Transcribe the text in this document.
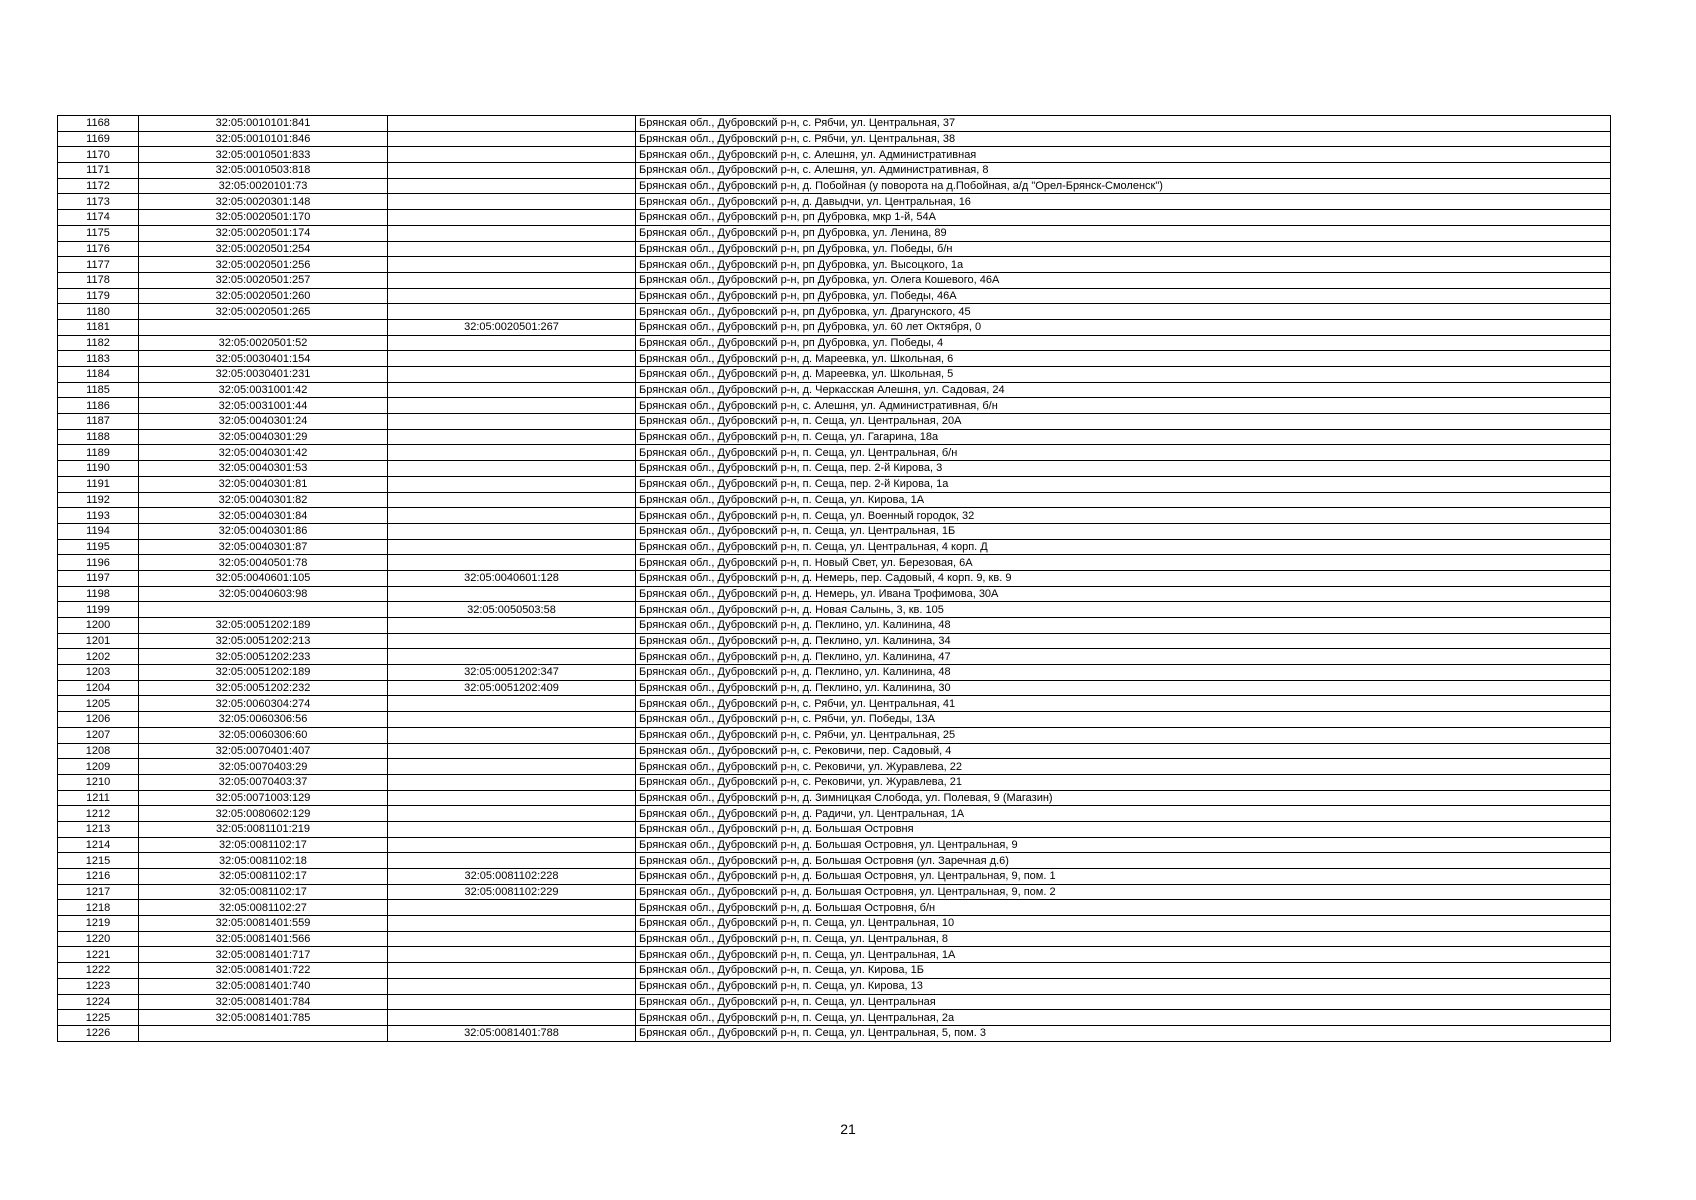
1168	32:05:0010101:841		Брянская обл., Дубровский р-н, с. Рябчи, ул. Центральная, 37
1169	32:05:0010101:846		Брянская обл., Дубровский р-н, с. Рябчи, ул. Центральная, 38
1170	32:05:0010501:833		Брянская обл., Дубровский р-н, с. Алешня, ул. Административная
1171	32:05:0010503:818		Брянская обл., Дубровский р-н, с. Алешня, ул. Административная, 8
1172	32:05:0020101:73		Брянская обл., Дубровский р-н, д. Побойная (у поворота на д.Побойная, а/д "Орел-Брянск-Смоленск")
1173	32:05:0020301:148		Брянская обл., Дубровский р-н, д. Давыдчи, ул. Центральная, 16
1174	32:05:0020501:170		Брянская обл., Дубровский р-н, рп Дубровка, мкр 1-й, 54А
1175	32:05:0020501:174		Брянская обл., Дубровский р-н, рп Дубровка, ул. Ленина, 89
1176	32:05:0020501:254		Брянская обл., Дубровский р-н, рп Дубровка, ул. Победы, б/н
1177	32:05:0020501:256		Брянская обл., Дубровский р-н, рп Дубровка, ул. Высоцкого, 1а
1178	32:05:0020501:257		Брянская обл., Дубровский р-н, рп Дубровка, ул. Олега Кошевого, 46А
1179	32:05:0020501:260		Брянская обл., Дубровский р-н, рп Дубровка, ул. Победы, 46А
1180	32:05:0020501:265		Брянская обл., Дубровский р-н, рп Дубровка, ул. Драгунского, 45
1181		32:05:0020501:267	Брянская обл., Дубровский р-н, рп Дубровка, ул. 60 лет Октября, 0
1182	32:05:0020501:52		Брянская обл., Дубровский р-н, рп Дубровка, ул. Победы, 4
1183	32:05:0030401:154		Брянская обл., Дубровский р-н, д. Мареевка, ул. Школьная, 6
1184	32:05:0030401:231		Брянская обл., Дубровский р-н, д. Мареевка, ул. Школьная, 5
1185	32:05:0031001:42		Брянская обл., Дубровский р-н, д. Черкасская Алешня, ул. Садовая, 24
1186	32:05:0031001:44		Брянская обл., Дубровский р-н, с. Алешня, ул. Административная, б/н
1187	32:05:0040301:24		Брянская обл., Дубровский р-н, п. Сеща, ул. Центральная, 20А
1188	32:05:0040301:29		Брянская обл., Дубровский р-н, п. Сеща, ул. Гагарина, 18а
1189	32:05:0040301:42		Брянская обл., Дубровский р-н, п. Сеща, ул. Центральная, б/н
1190	32:05:0040301:53		Брянская обл., Дубровский р-н, п. Сеща, пер. 2-й Кирова, 3
1191	32:05:0040301:81		Брянская обл., Дубровский р-н, п. Сеща, пер. 2-й Кирова, 1а
1192	32:05:0040301:82		Брянская обл., Дубровский р-н, п. Сеща, ул. Кирова, 1А
1193	32:05:0040301:84		Брянская обл., Дубровский р-н, п. Сеща, ул. Военный городок, 32
1194	32:05:0040301:86		Брянская обл., Дубровский р-н, п. Сеща, ул. Центральная, 1Б
1195	32:05:0040301:87		Брянская обл., Дубровский р-н, п. Сеща, ул. Центральная, 4 корп. Д
1196	32:05:0040501:78		Брянская обл., Дубровский р-н, п. Новый Свет, ул. Березовая, 6А
1197	32:05:0040601:105	32:05:0040601:128	Брянская обл., Дубровский р-н, д. Немерь, пер. Садовый, 4 корп. 9, кв. 9
1198	32:05:0040603:98		Брянская обл., Дубровский р-н, д. Немерь, ул. Ивана Трофимова, 30А
1199		32:05:0050503:58	Брянская обл., Дубровский р-н, д. Новая Салынь, 3, кв. 105
1200	32:05:0051202:189		Брянская обл., Дубровский р-н, д. Пеклино, ул. Калинина, 48
1201	32:05:0051202:213		Брянская обл., Дубровский р-н, д. Пеклино, ул. Калинина, 34
1202	32:05:0051202:233		Брянская обл., Дубровский р-н, д. Пеклино, ул. Калинина, 47
1203	32:05:0051202:189	32:05:0051202:347	Брянская обл., Дубровский р-н, д. Пеклино, ул. Калинина, 48
1204	32:05:0051202:232	32:05:0051202:409	Брянская обл., Дубровский р-н, д. Пеклино, ул. Калинина, 30
1205	32:05:0060304:274		Брянская обл., Дубровский р-н, с. Рябчи, ул. Центральная, 41
1206	32:05:0060306:56		Брянская обл., Дубровский р-н, с. Рябчи, ул. Победы, 13А
1207	32:05:0060306:60		Брянская обл., Дубровский р-н, с. Рябчи, ул. Центральная, 25
1208	32:05:0070401:407		Брянская обл., Дубровский р-н, с. Рековичи, пер. Садовый, 4
1209	32:05:0070403:29		Брянская обл., Дубровский р-н, с. Рековичи, ул. Журавлева, 22
1210	32:05:0070403:37		Брянская обл., Дубровский р-н, с. Рековичи, ул. Журавлева, 21
1211	32:05:0071003:129		Брянская обл., Дубровский р-н, д. Зимницкая Слобода, ул. Полевая, 9 (Магазин)
1212	32:05:0080602:129		Брянская обл., Дубровский р-н, д. Радичи, ул. Центральная, 1А
1213	32:05:0081101:219		Брянская обл., Дубровский р-н, д. Большая Островня
1214	32:05:0081102:17		Брянская обл., Дубровский р-н, д. Большая Островня, ул. Центральная, 9
1215	32:05:0081102:18		Брянская обл., Дубровский р-н, д. Большая Островня (ул. Заречная д.6)
1216	32:05:0081102:17	32:05:0081102:228	Брянская обл., Дубровский р-н, д. Большая Островня, ул. Центральная, 9, пом. 1
1217	32:05:0081102:17	32:05:0081102:229	Брянская обл., Дубровский р-н, д. Большая Островня, ул. Центральная, 9, пом. 2
1218	32:05:0081102:27		Брянская обл., Дубровский р-н, д. Большая Островня, б/н
1219	32:05:0081401:559		Брянская обл., Дубровский р-н, п. Сеща, ул. Центральная, 10
1220	32:05:0081401:566		Брянская обл., Дубровский р-н, п. Сеща, ул. Центральная, 8
1221	32:05:0081401:717		Брянская обл., Дубровский р-н, п. Сеща, ул. Центральная, 1А
1222	32:05:0081401:722		Брянская обл., Дубровский р-н, п. Сеща, ул. Кирова, 1Б
1223	32:05:0081401:740		Брянская обл., Дубровский р-н, п. Сеща, ул. Кирова, 13
1224	32:05:0081401:784		Брянская обл., Дубровский р-н, п. Сеща, ул. Центральная
1225	32:05:0081401:785		Брянская обл., Дубровский р-н, п. Сеща, ул. Центральная, 2а
1226		32:05:0081401:788	Брянская обл., Дубровский р-н, п. Сеща, ул. Центральная, 5, пом. 3
21
